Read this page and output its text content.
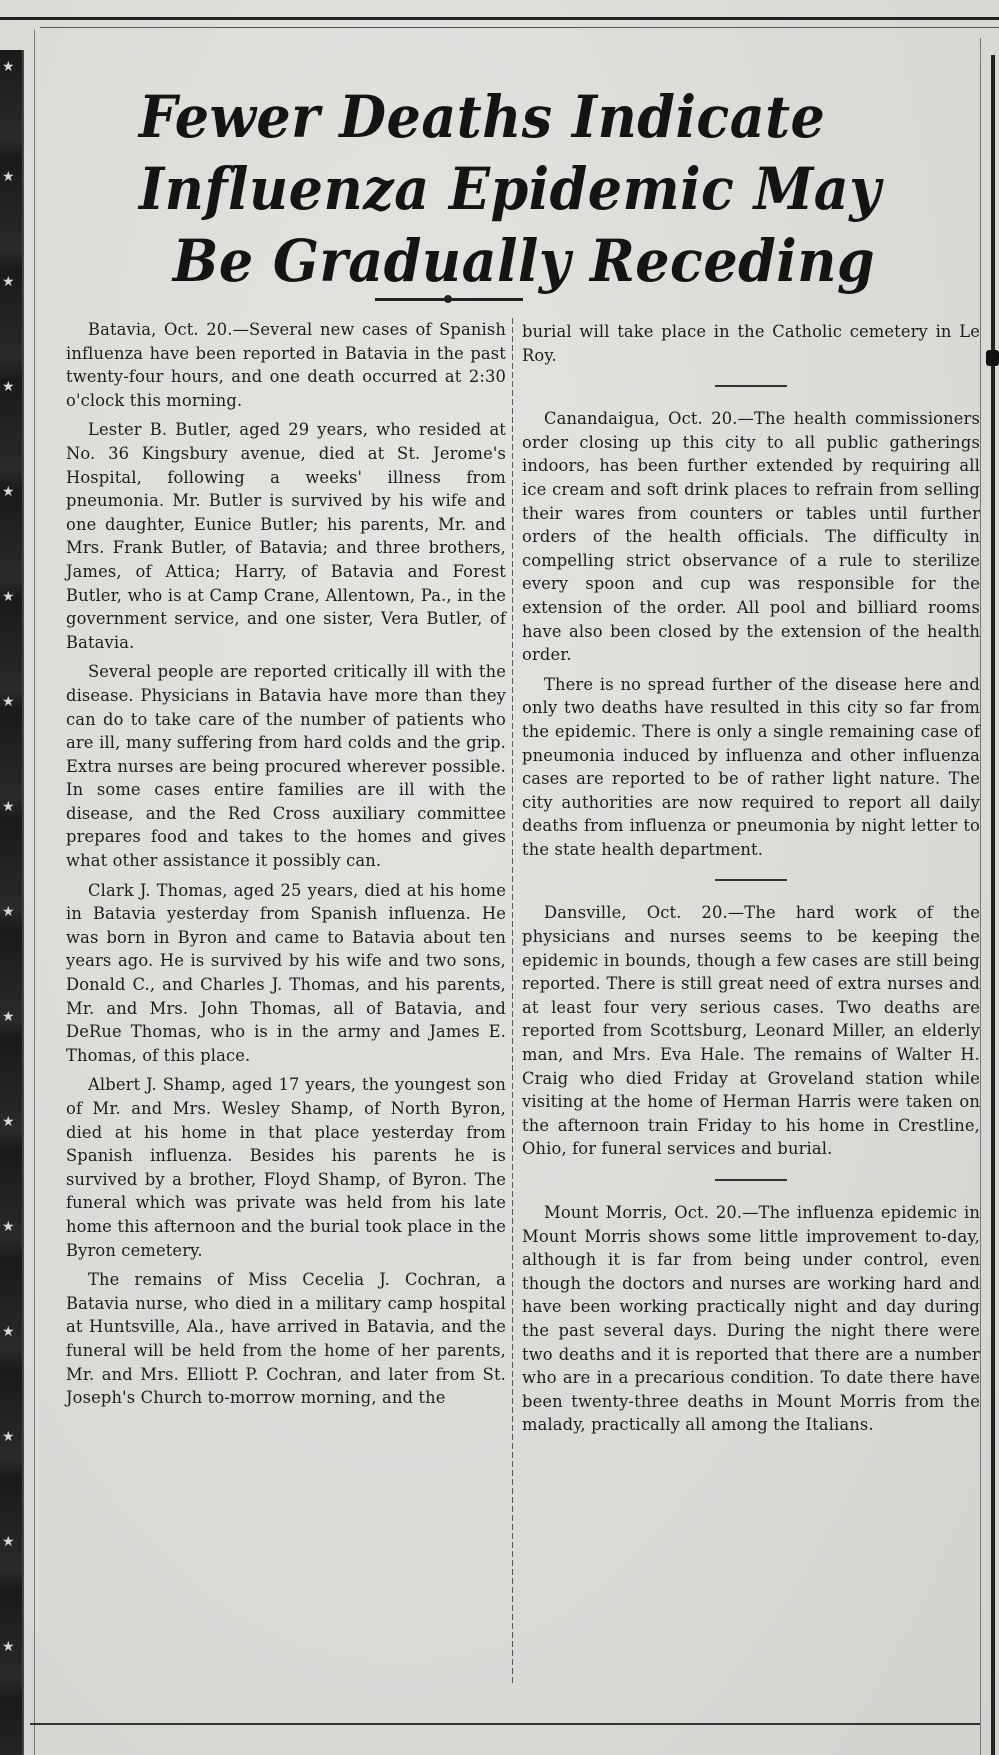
★
★
★
★
★
★
★
★
★
★
★
★
★
★
★
★
Fewer Deaths Indicate
Influenza Epidemic May
Be Gradually Receding

Batavia, Oct. 20.—Several new cases of Spanish influenza have been reported in Batavia in the past twenty-four hours, and one death occurred at 2:30 o'clock this morning.

Lester B. Butler, aged 29 years, who resided at No. 36 Kingsbury avenue, died at St. Jerome's Hospital, following a weeks' illness from pneumonia. Mr. Butler is survived by his wife and one daughter, Eunice Butler; his parents, Mr. and Mrs. Frank Butler, of Batavia; and three brothers, James, of Attica; Harry, of Batavia and Forest Butler, who is at Camp Crane, Allentown, Pa., in the government service, and one sister, Vera Butler, of Batavia.

Several people are reported critically ill with the disease. Physicians in Batavia have more than they can do to take care of the number of patients who are ill, many suffering from hard colds and the grip. Extra nurses are being procured wherever possible. In some cases entire families are ill with the disease, and the Red Cross auxiliary committee prepares food and takes to the homes and gives what other assistance it possibly can.

Clark J. Thomas, aged 25 years, died at his home in Batavia yesterday from Spanish influenza. He was born in Byron and came to Batavia about ten years ago. He is survived by his wife and two sons, Donald C., and Charles J. Thomas, and his parents, Mr. and Mrs. John Thomas, all of Batavia, and DeRue Thomas, who is in the army and James E. Thomas, of this place.

Albert J. Shamp, aged 17 years, the youngest son of Mr. and Mrs. Wesley Shamp, of North Byron, died at his home in that place yesterday from Spanish influenza. Besides his parents he is survived by a brother, Floyd Shamp, of Byron. The funeral which was private was held from his late home this afternoon and the burial took place in the Byron cemetery.

The remains of Miss Cecelia J. Cochran, a Batavia nurse, who died in a military camp hospital at Huntsville, Ala., have arrived in Batavia, and the funeral will be held from the home of her parents, Mr. and Mrs. Elliott P. Cochran, and later from St. Joseph's Church to-morrow morning, and the

burial will take place in the Catholic cemetery in Le Roy.

Canandaigua, Oct. 20.—The health commissioners order closing up this city to all public gatherings indoors, has been further extended by requiring all ice cream and soft drink places to refrain from selling their wares from counters or tables until further orders of the health officials. The difficulty in compelling strict observance of a rule to sterilize every spoon and cup was responsible for the extension of the order. All pool and billiard rooms have also been closed by the extension of the health order.

There is no spread further of the disease here and only two deaths have resulted in this city so far from the epidemic. There is only a single remaining case of pneumonia induced by influenza and other influenza cases are reported to be of rather light nature. The city authorities are now required to report all daily deaths from influenza or pneumonia by night letter to the state health department.

Dansville, Oct. 20.—The hard work of the physicians and nurses seems to be keeping the epidemic in bounds, though a few cases are still being reported. There is still great need of extra nurses and at least four very serious cases. Two deaths are reported from Scottsburg, Leonard Miller, an elderly man, and Mrs. Eva Hale. The remains of Walter H. Craig who died Friday at Groveland station while visiting at the home of Herman Harris were taken on the afternoon train Friday to his home in Crestline, Ohio, for funeral services and burial.

Mount Morris, Oct. 20.—The influenza epidemic in Mount Morris shows some little improvement to-day, although it is far from being under control, even though the doctors and nurses are working hard and have been working practically night and day during the past several days. During the night there were two deaths and it is reported that there are a number who are in a precarious condition. To date there have been twenty-three deaths in Mount Morris from the malady, practically all among the Italians.
